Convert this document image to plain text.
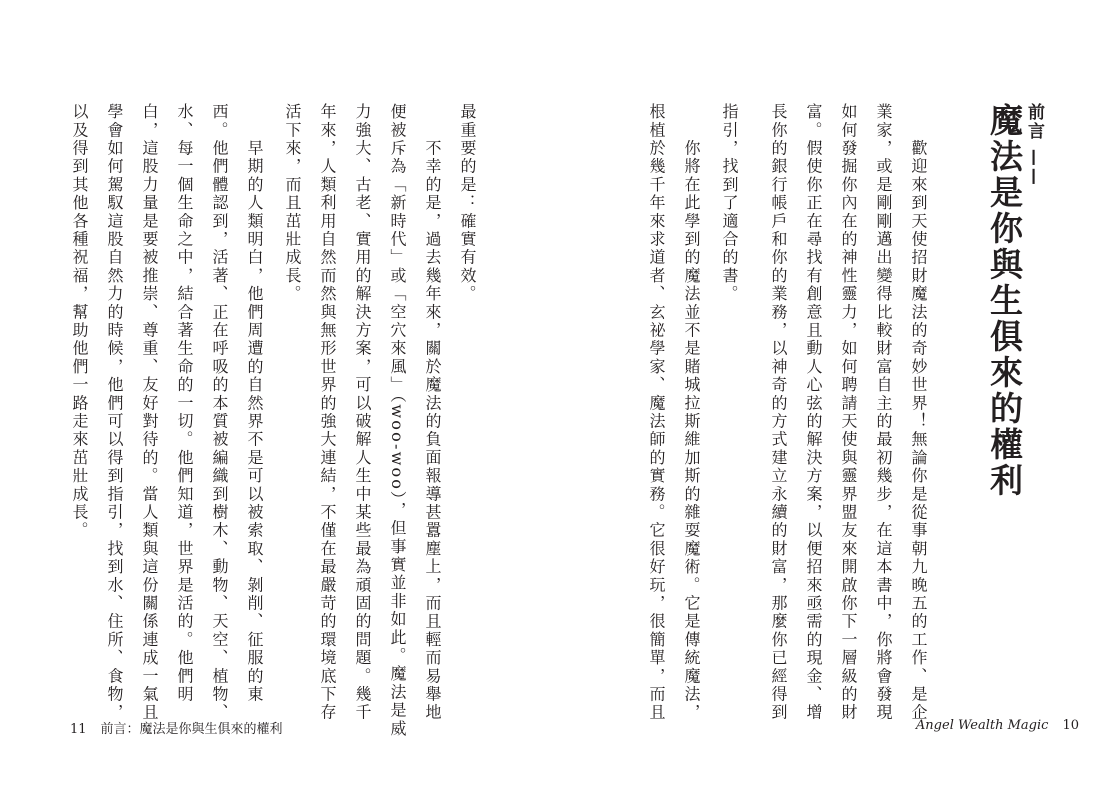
前言 ——
魔法是你與生俱來的權利
　　歡迎來到天使招財魔法的奇妙世界！無論你是從事朝九晚五的工作、是企
業家，或是剛剛邁出變得比較財富自主的最初幾步，在這本書中，你將會發現
如何發掘你內在的神性靈力，如何聘請天使與靈界盟友來開啟你下一層級的財
富。假使你正在尋找有創意且動人心弦的解決方案，以便招來亟需的現金、增
長你的銀行帳戶和你的業務，以神奇的方式建立永續的財富，那麼你已經得到
指引，找到了適合的書。
　　你將在此學到的魔法並不是賭城拉斯維加斯的雜耍魔術。它是傳統魔法，
根植於幾千年來求道者、玄祕學家、魔法師的實務。它很好玩，很簡單，而且
最重要的是：確實有效。
　　不幸的是，過去幾年來，關於魔法的負面報導甚囂塵上，而且輕而易舉地
便被斥為「新時代」或「空穴來風」（woo-woo），但事實並非如此。魔法是威
力強大、古老、實用的解決方案，可以破解人生中某些最為頑固的問題。幾千
年來，人類利用自然而然與無形世界的強大連結，不僅在最嚴苛的環境底下存
活下來，而且茁壯成長。
　　早期的人類明白，他們周遭的自然界不是可以被索取、剝削、征服的東
西。他們體認到，活著、正在呼吸的本質被編織到樹木、動物、天空、植物、
水、每一個生命之中，結合著生命的一切。他們知道，世界是活的。他們明
白，這股力量是要被推崇、尊重、友好對待的。當人類與這份關係連成一氣且
學會如何駕馭這股自然力的時候，他們可以得到指引，找到水、住所、食物，
以及得到其他各種祝福，幫助他們一路走來茁壯成長。
11 前言：魔法是你與生俱來的權利	Angel Wealth Magic 10
